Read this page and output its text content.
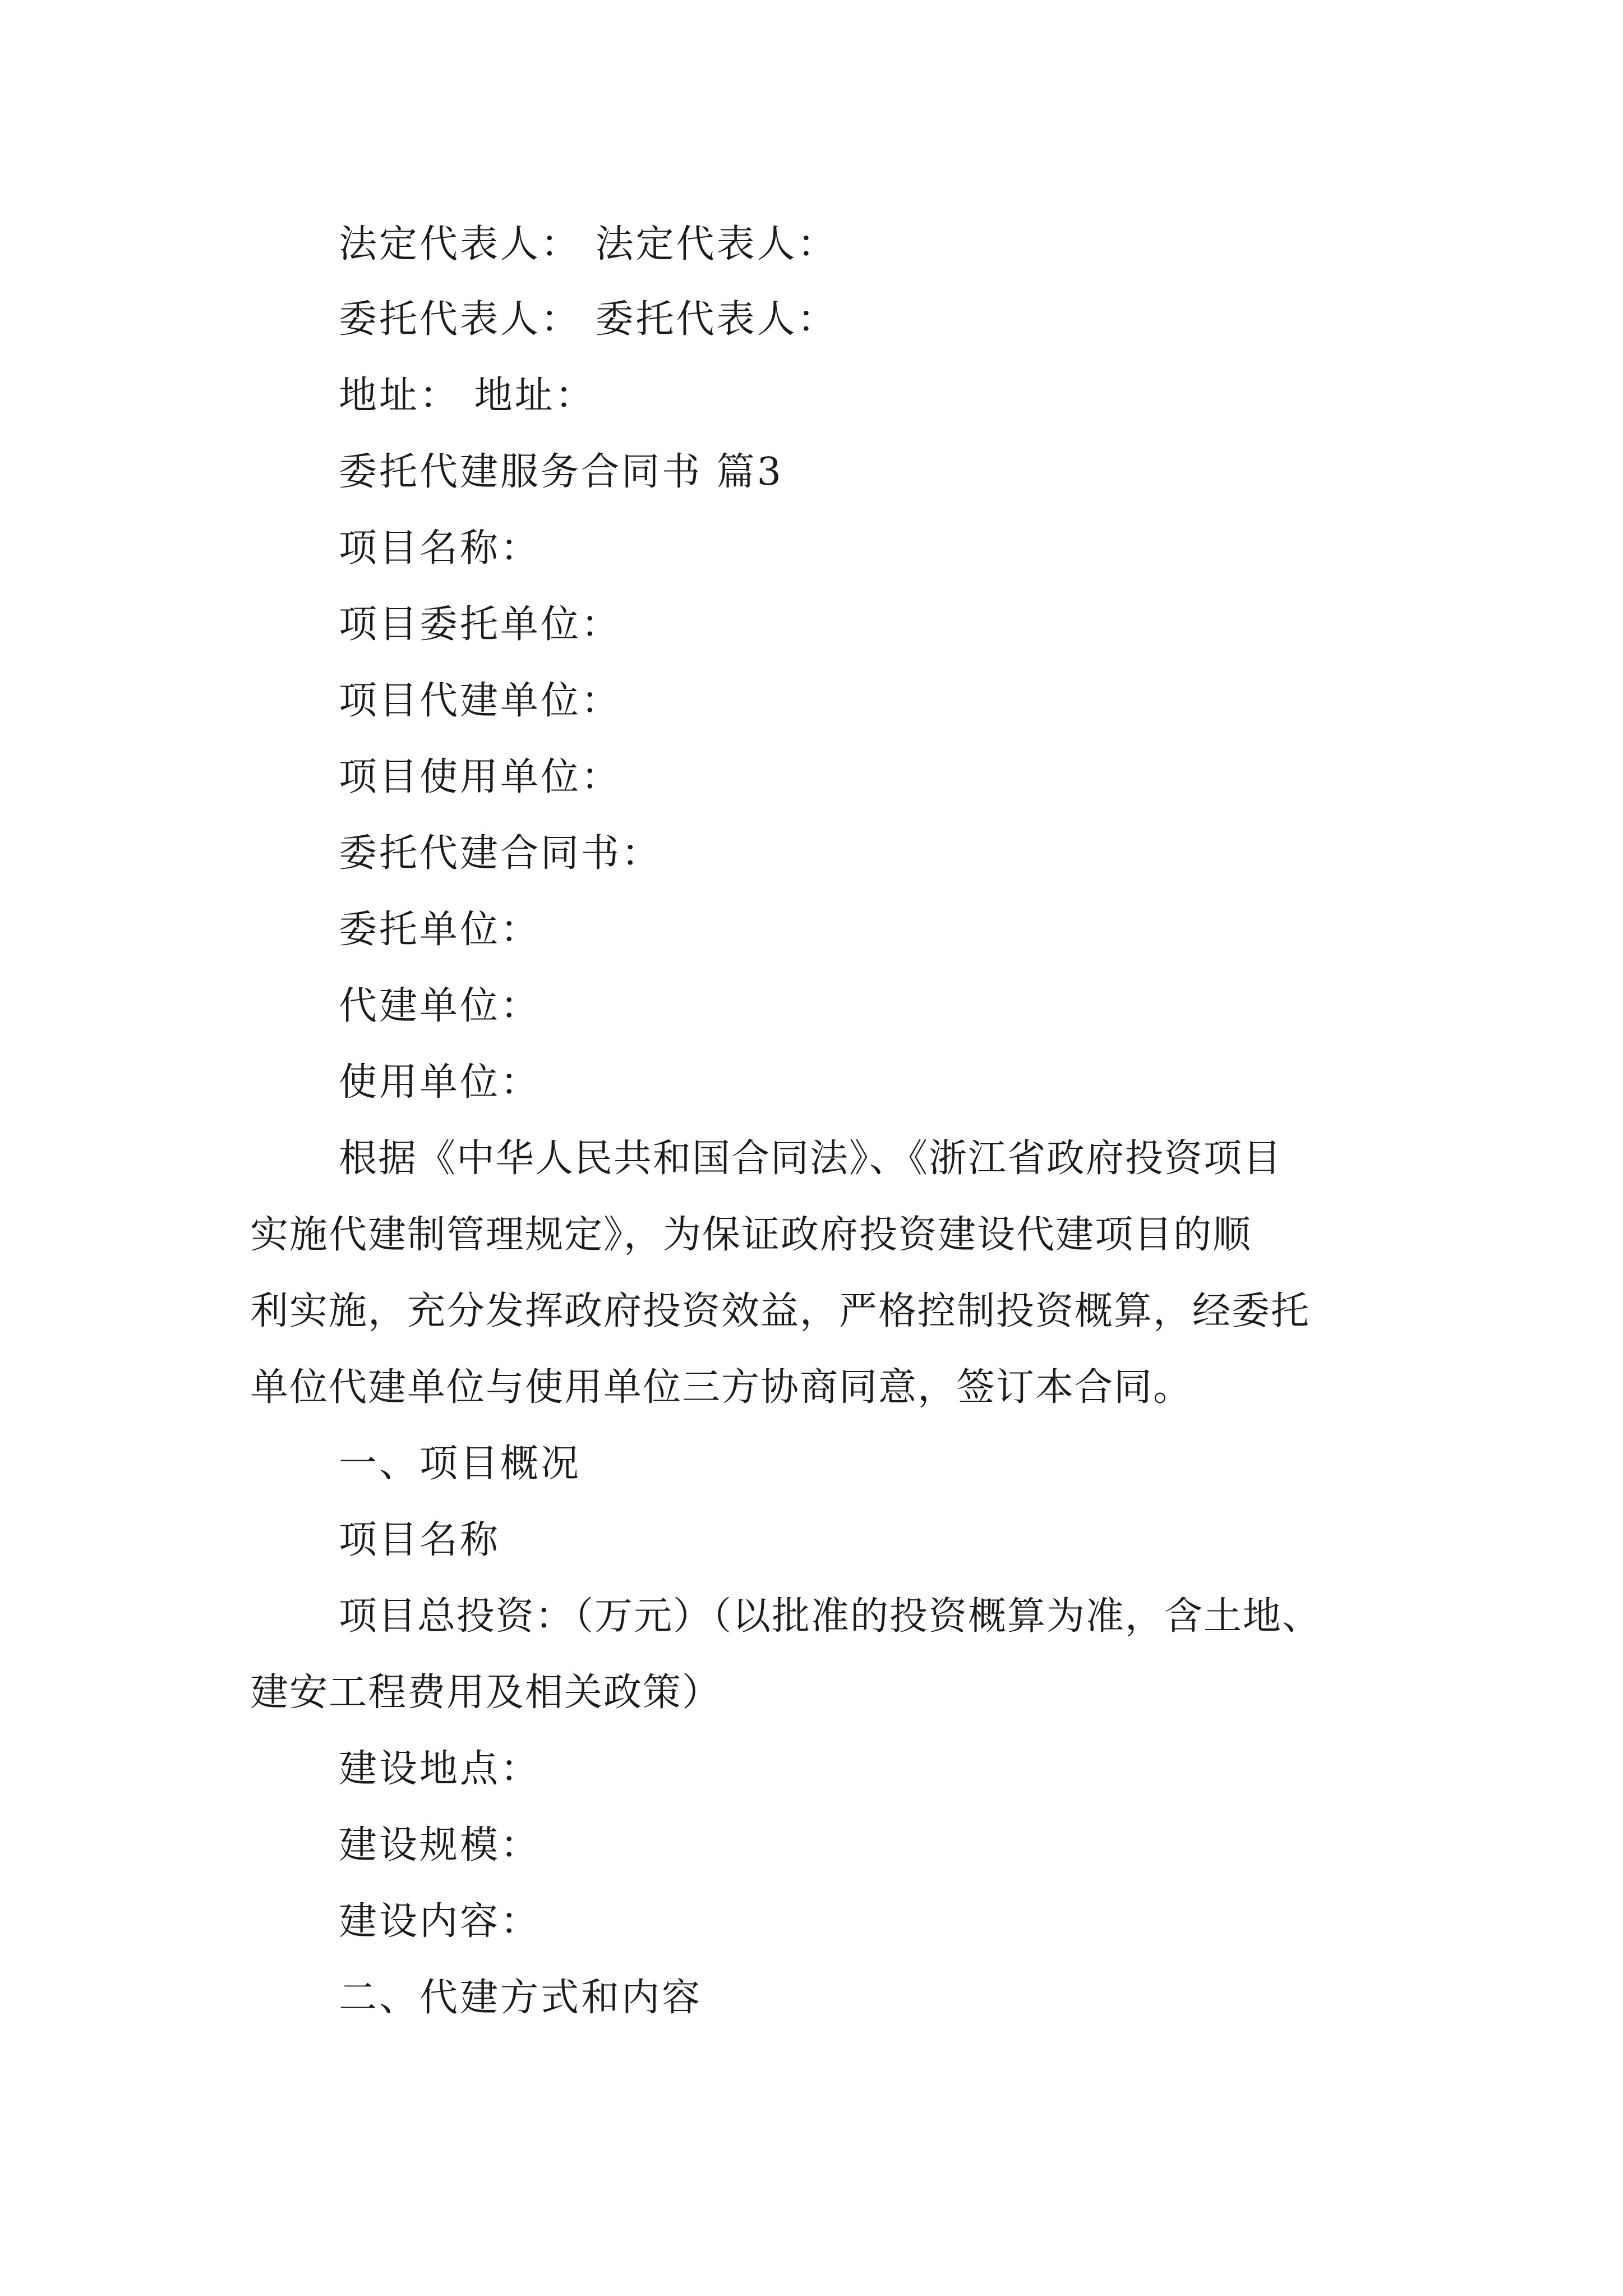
法定代表人： 法定代表人：
委托代表人： 委托代表人：
地址： 地址：
委托代建服务合同书 篇3
项目名称：
项目委托单位：
项目代建单位：
项目使用单位：
委托代建合同书：
委托单位：
代建单位：
使用单位：
根据《中华人民共和国合同法》、《浙江省政府投资项目
实施代建制管理规定》，为保证政府投资建设代建项目的顺
利实施，充分发挥政府投资效益，严格控制投资概算，经委托
单位代建单位与使用单位三方协商同意，签订本合同。
一、项目概况
项目名称
项目总投资：（万元）（以批准的投资概算为准，含土地、
建安工程费用及相关政策）
建设地点：
建设规模：
建设内容：
二、代建方式和内容
